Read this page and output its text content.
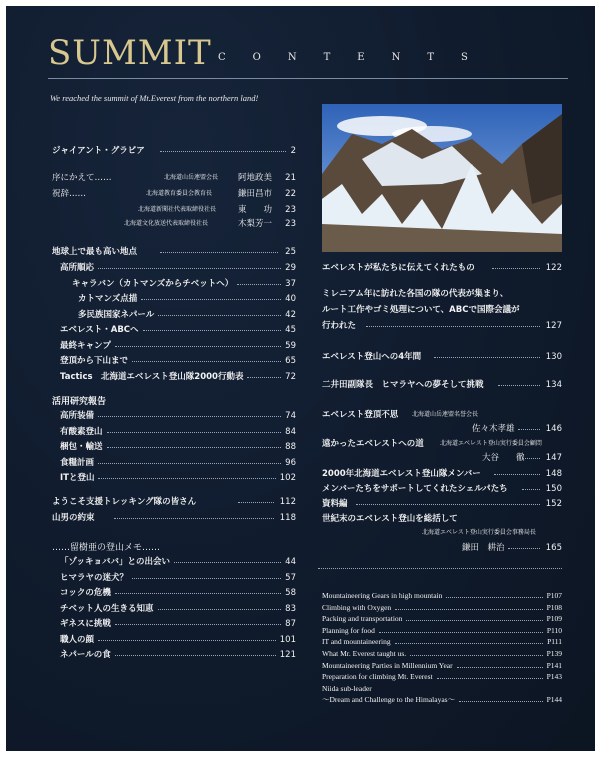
SUMMIT CONTENTS
We reached the summit of Mt.Everest from the northern land!
ジャイアント・グラビア	2
序にかえて……	北海道山岳連盟会長 阿地政美 21
祝辞……	北海道教育委員会教育長	鎌田昌市 22
北海道新聞社代表取締役社長	東　　功 23
北海道文化放送代表取締役社長	木梨芳一 23
地球上で最も高い地点	25
高所順応	29
キャラバン（カトマンズからチベットへ）	37
カトマンズ点描	40
多民族国家ネパール	42
エベレスト・ABCへ	45
最終キャンプ	59
登頂から下山まで	65
Tactics　北海道エベレスト登山隊2000行動表	72
活用研究報告
高所装備	74
有酸素登山	84
梱包・輸送	88
食糧計画	96
ITと登山	102
ようこそ支援トレッキング隊の皆さん	112
山男の約束	118
……留樹亜の登山メモ……
「ゾッキョババ」との出会い	44
ヒマラヤの迷犬？	57
コックの危機	58
チベット人の生きる知恵	83
ギネスに挑戦	87
職人の顔	101
ネパールの食	121
エベレストが私たちに伝えてくれたもの	122
ミレニアム年に訪れた各国の隊の代表が集まり、
ルート工作やゴミ処理について、ABCで国際会議が
行われた	127
エベレスト登山への4年間	130
二井田副隊長　ヒマラヤへの夢そして挑戦	134
エベレスト登頂不思 北海道山岳連盟名誉会長
佐々木孝雄	146
遠かったエベレストへの道	北海道エベレスト登山実行委員会顧問
大谷　　徹	147
2000年北海道エベレスト登山隊メンバー	148
メンバーたちをサポートしてくれたシェルパたち	150
資料編	152
世紀末のエベレスト登山を総括して
北海道エベレスト登山実行委員会事務局長
鎌田　耕治	165
Mountaineering Gears in high mountain	P107
Climbing with Oxygen	P108
Packing and transportation	P109
Planning for food	P110
IT and mountaineering	P111
What Mr. Everest taught us.	P139
Mountaineering Parties in Millennium Year	P141
Preparation for climbing Mt. Everest	P143
Niida sub-leader
～Dream and Challenge to the Himalayas～	P144
